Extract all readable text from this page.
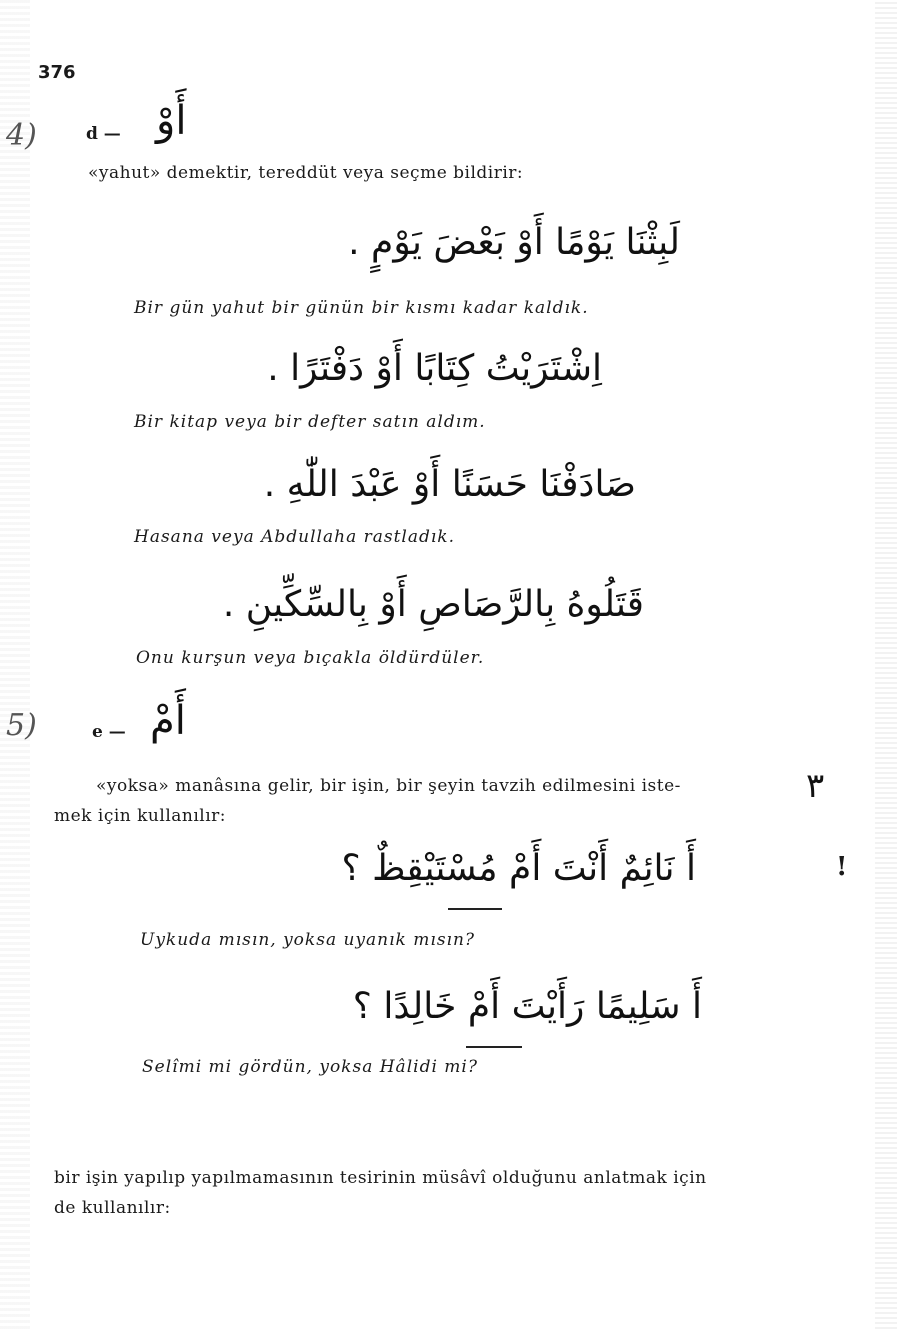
376
4)	d — أَوْ
«yahut» demektir, tereddüt veya seçme bildirir:
لَبِثْنَا يَوْمًا أَوْ بَعْضَ يَوْمٍ .
Bir gün yahut bir günün bir kısmı kadar kaldık.
اِشْتَرَيْتُ كِتَابًا أَوْ دَفْتَرًا .
Bir kitap veya bir defter satın aldım.
صَادَفْنَا حَسَنًا أَوْ عَبْدَ اللّٰهِ .
Hasana veya Abdullaha rastladık.
قَتَلُوهُ بِالرَّصَاصِ أَوْ بِالسِّكِّينِ .
Onu kurşun veya bıçakla öldürdüler.
5)	e — أَمْ
«yoksa» manâsına gelir, bir işin, bir şeyin tavzih edilmesini iste-
mek için kullanılır:
٣
!
أَ نَائِمٌ أَنْتَ أَمْ مُسْتَيْقِظٌ ؟
Uykuda mısın, yoksa uyanık mısın?
أَ سَلِيمًا رَأَيْتَ أَمْ خَالِدًا ؟
Selîmi mi gördün, yoksa Hâlidi mi?
bir işin yapılıp yapılmamasının tesirinin müsâvî olduğunu anlatmak için
de kullanılır:
